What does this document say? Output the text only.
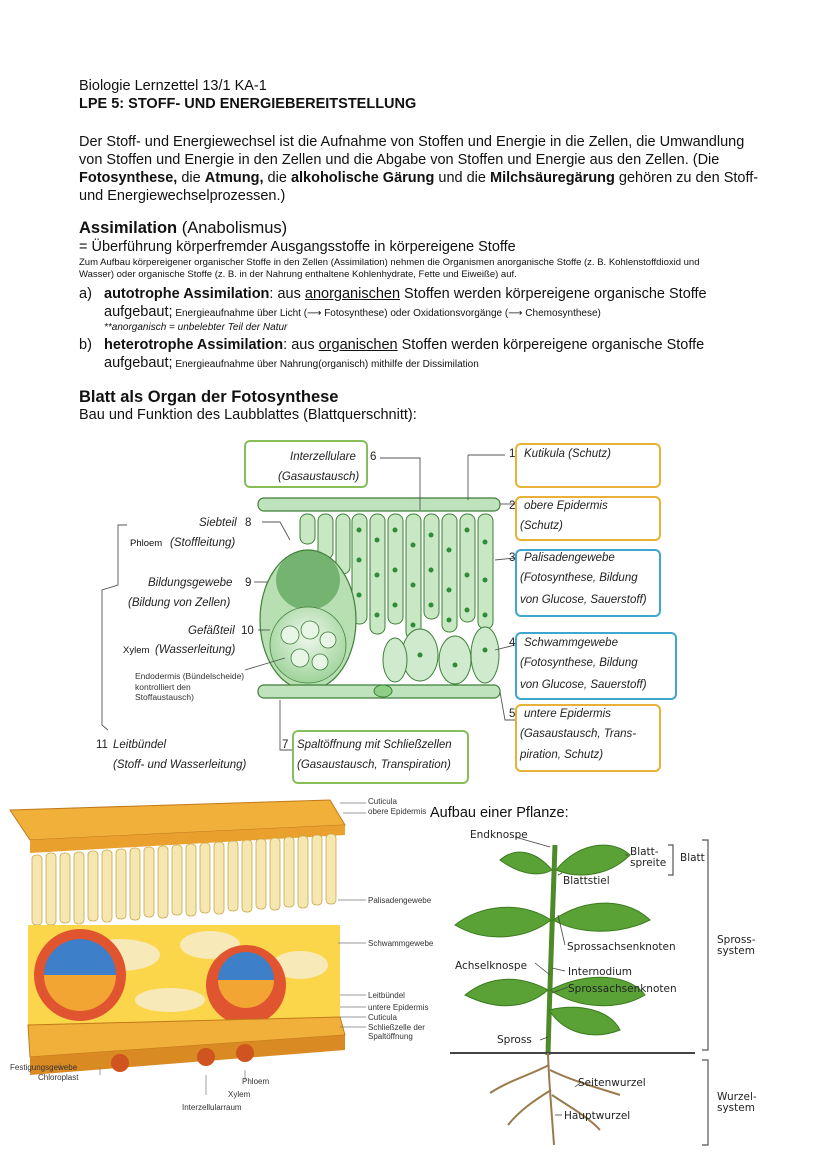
Biologie Lernzettel 13/1 KA-1
LPE 5: STOFF- UND ENERGIEBEREITSTELLUNG
Der Stoff- und Energiewechsel ist die Aufnahme von Stoffen und Energie in die Zellen, die Umwandlung von Stoffen und Energie in den Zellen und die Abgabe von Stoffen und Energie aus den Zellen. (Die Fotosynthese, die Atmung, die alkoholische Gärung und die Milchsäuregärung gehören zu den Stoff- und Energiewechselprozessen.)
Assimilation (Anabolismus)
= Überführung körperfremder Ausgangsstoffe in körpereigene Stoffe
Zum Aufbau körpereigener organischer Stoffe in den Zellen (Assimilation) nehmen die Organismen anorganische Stoffe (z. B. Kohlenstoffdioxid und Wasser) oder organische Stoffe (z. B. in der Nahrung enthaltene Kohlenhydrate, Fette und Eiweiße) auf.
a) autotrophe Assimilation: aus anorganischen Stoffen werden körpereigene organische Stoffe aufgebaut; Energieaufnahme über Licht (⟶ Fotosynthese) oder Oxidationsvorgänge (⟶ Chemosynthese)
**anorganisch = unbelebter Teil der Natur
b) heterotrophe Assimilation: aus organischen Stoffen werden körpereigene organische Stoffe aufgebaut; Energieaufnahme über Nahrung(organisch) mithilfe der Dissimilation
Blatt als Organ der Fotosynthese
Bau und Funktion des Laubblattes (Blattquerschnitt):
1 Kutikula (Schutz)
2 obere Epidermis
(Schutz)
3 Palisadengewebe
(Fotosynthese, Bildung
von Glucose, Sauerstoff)
4 Schwammgewebe
(Fotosynthese, Bildung
von Glucose, Sauerstoff)
5 untere Epidermis
(Gasaustausch, Trans-
piration, Schutz)
Interzellulare 6
(Gasaustausch)
7 Spaltöffnung mit Schließzellen
(Gasaustausch, Transpiration)
Siebteil 8
Phloem (Stoffleitung)
Bildungsgewebe 9
(Bildung von Zellen)
Gefäßteil 10
Xylem (Wasserleitung)
Endodermis (Bündelscheide)
kontrolliert den
Stoffaustausch)
11 Leitbündel
(Stoff- und Wasserleitung)
Cuticula
obere Epidermis
Palisadengewebe
Schwammgewebe
Leitbündel
untere Epidermis
Cuticula
Schließzelle der
Spaltöffnung
Festigungsgewebe
Chloroplast	Phloem
Xylem
Interzellularraum
Aufbau einer Pflanze:
Endknospe
Blatt-
spreite Blatt
Blattstiel
Sprossachsenknoten
Achselknospe	Internodium
Sprossachsenknoten
Spross
Spross-
system
Seitenwurzel
Hauptwurzel
Wurzel-
system
